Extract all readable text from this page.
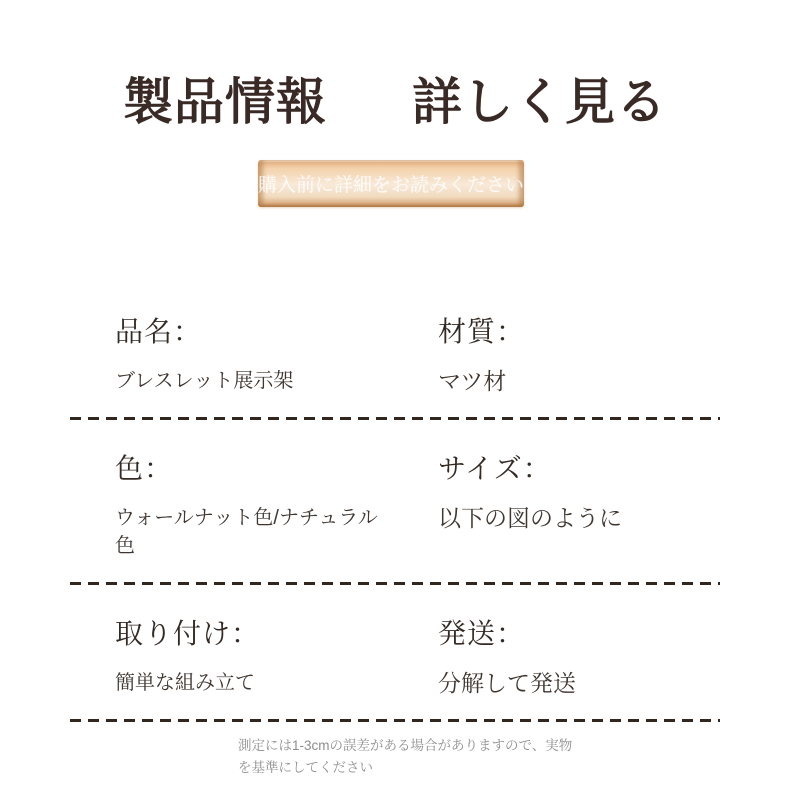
製品情報 詳しく見る
購入前に詳細をお読みください
品名：
ブレスレット展示架
材質：
マツ材
色：
ウォールナット色/ナチュラル色
サイズ：
以下の図のように
取り付け：
簡単な組み立て
発送：
分解して発送
測定には1-3cmの誤差がある場合がありますので、実物を基準にしてください
